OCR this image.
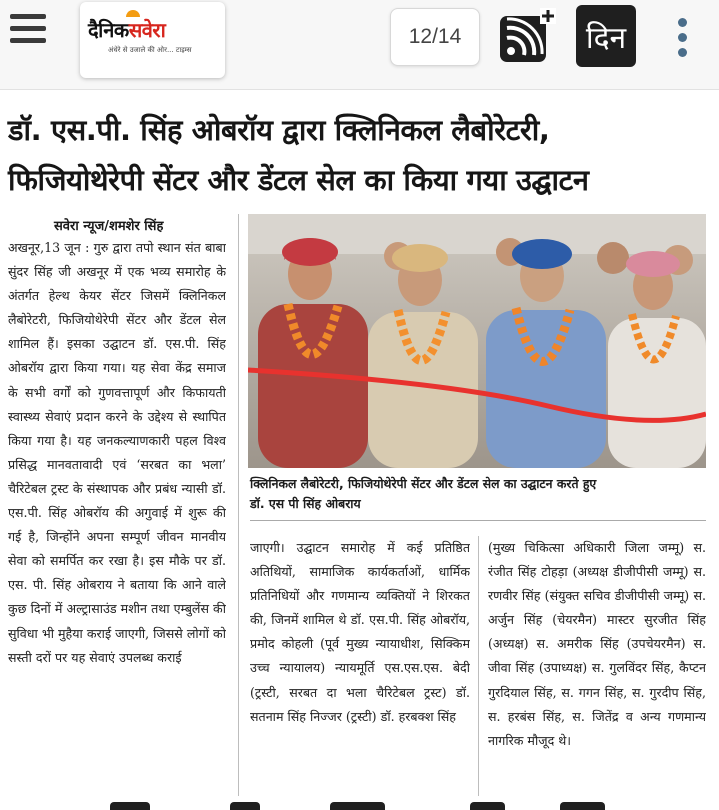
दैनिकसवेरा
अंधेरे से उजाले की ओर... टाइम्स
12/14	दिन
डॉ. एस.पी. सिंह ओबरॉय द्वारा क्लिनिकल लैबोरेटरी,
फिजियोथेरेपी सेंटर और डेंटल सेल का किया गया उद्घाटन
सवेरा न्यूज/शमशेर सिंह
अखनूर,13 जून : गुरु द्वारा तपो स्थान संत बाबा सुंदर सिंह जी अखनूर में एक भव्य समारोह के अंतर्गत हेल्थ केयर सेंटर जिसमें क्लिनिकल लैबोरेटरी, फिजियोथेरेपी सेंटर और डेंटल सेल शामिल हैं। इसका उद्घाटन डॉ. एस.पी. सिंह ओबरॉय द्वारा किया गया। यह सेवा केंद्र समाज के सभी वर्गों को गुणवत्तापूर्ण और किफायती स्वास्थ्य सेवाएं प्रदान करने के उद्देश्य से स्थापित किया गया है। यह जनकल्याणकारी पहल विश्व प्रसिद्ध मानवतावादी एवं ‘सरबत का भला’ चैरिटेबल ट्रस्ट के संस्थापक और प्रबंध न्यासी डॉ. एस.पी. सिंह ओबरॉय की अगुवाई में शुरू की गई है, जिन्होंने अपना सम्पूर्ण जीवन मानवीय सेवा को समर्पित कर रखा है। इस मौके पर डॉ. एस. पी. सिंह ओबराय ने बताया कि आने वाले कुछ दिनों में अल्ट्रासाउंड मशीन तथा एम्बुलेंस की सुविधा भी मुहैया कराई जाएगी, जिससे लोगों को सस्ती दरों पर यह सेवाएं उपलब्ध कराई
क्लिनिकल लैबोरेटरी, फिजियोथेरेपी सेंटर और डेंटल सेल का उद्घाटन करते हुए
डॉ. एस पी सिंह ओबराय
जाएगी। उद्घाटन समारोह में कई प्रतिष्ठित अतिथियों, सामाजिक कार्यकर्ताओं, धार्मिक प्रतिनिधियों और गणमान्य व्यक्तियों ने शिरकत की, जिनमें शामिल थे डॉ. एस.पी. सिंह ओबरॉय, प्रमोद कोहली (पूर्व मुख्य न्यायाधीश, सिक्किम उच्च न्यायालय) न्यायमूर्ति एस.एस.एस. बेदी (ट्रस्टी, सरबत दा भला चैरिटेबल ट्रस्ट) डॉ. सतनाम सिंह निज्जर (ट्रस्टी) डॉ. हरबक्श सिंह
(मुख्य चिकित्सा अधिकारी जिला जम्मू) स. रंजीत सिंह टोहड़ा (अध्यक्ष डीजीपीसी जम्मू) स. रणवीर सिंह (संयुक्त सचिव डीजीपीसी जम्मू) स. अर्जुन सिंह (चेयरमैन) मास्टर सुरजीत सिंह (अध्यक्ष) स. अमरीक सिंह (उपचेयरमैन) स. जीवा सिंह (उपाध्यक्ष) स. गुलविंदर सिंह, कैप्टन गुरदियाल सिंह, स. गगन सिंह, स. गुरदीप सिंह, स. हरबंस सिंह, स. जितेंद्र व अन्य गणमान्य नागरिक मौजूद थे।
